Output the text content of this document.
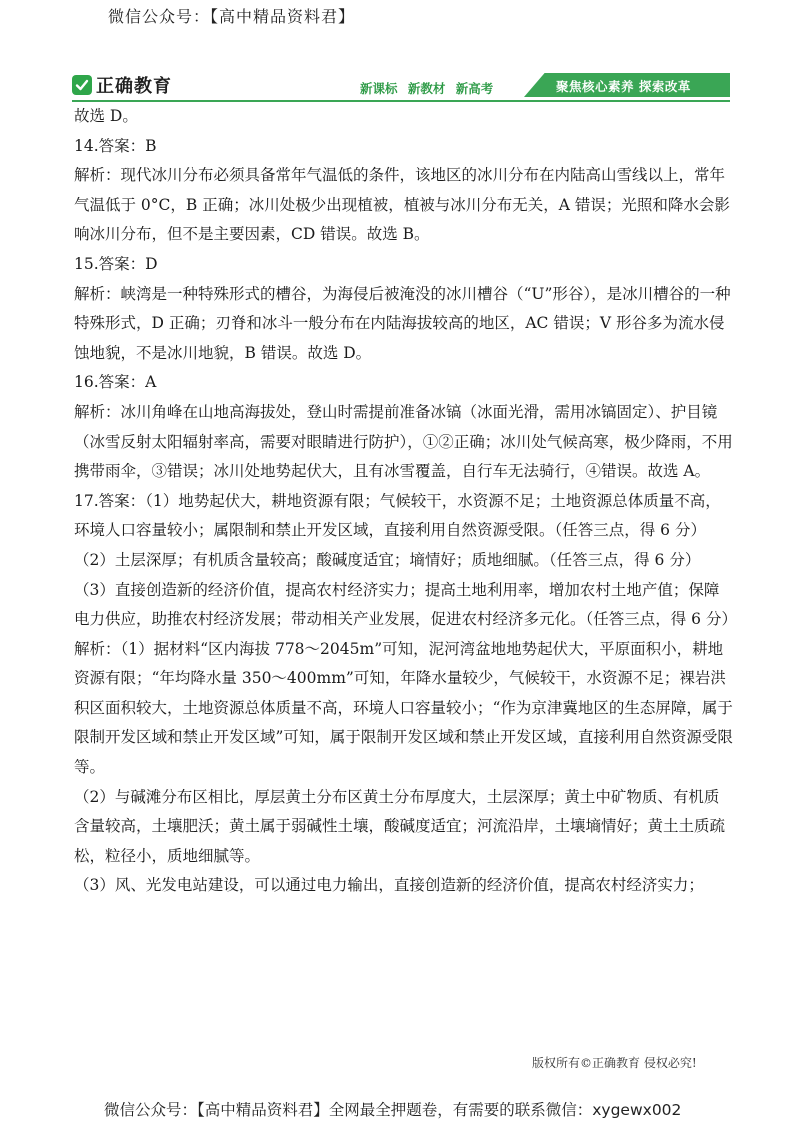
微信公众号：【高中精品资料君】
正确教育	新课标 新教材 新高考	聚焦核心素养 探索改革

故选 D。

14.答案：B

解析：现代冰川分布必须具备常年气温低的条件，该地区的冰川分布在内陆高山雪线以上，常年气温低于 0°C，B 正确；冰川处极少出现植被，植被与冰川分布无关，A 错误；光照和降水会影响冰川分布，但不是主要因素，CD 错误。故选 B。

15.答案：D

解析：峡湾是一种特殊形式的槽谷，为海侵后被淹没的冰川槽谷（“U”形谷），是冰川槽谷的一种特殊形式，D 正确；刃脊和冰斗一般分布在内陆海拔较高的地区，AC 错误；V 形谷多为流水侵蚀地貌，不是冰川地貌，B 错误。故选 D。

16.答案：A

解析：冰川角峰在山地高海拔处，登山时需提前准备冰镐（冰面光滑，需用冰镐固定）、护目镜（冰雪反射太阳辐射率高，需要对眼睛进行防护），①②正确；冰川处气候高寒，极少降雨，不用携带雨伞，③错误；冰川处地势起伏大，且有冰雪覆盖，自行车无法骑行，④错误。故选 A。

17.答案：（1）地势起伏大，耕地资源有限；气候较干，水资源不足；土地资源总体质量不高，环境人口容量较小；属限制和禁止开发区域，直接利用自然资源受限。（任答三点，得 6 分）

（2）土层深厚；有机质含量较高；酸碱度适宜；墒情好；质地细腻。（任答三点，得 6 分）

（3）直接创造新的经济价值，提高农村经济实力；提高土地利用率，增加农村土地产值；保障电力供应，助推农村经济发展；带动相关产业发展，促进农村经济多元化。（任答三点，得 6 分）

解析：（1）据材料“区内海拔 778～2045m”可知，泥河湾盆地地势起伏大，平原面积小，耕地资源有限；“年均降水量 350～400mm”可知，年降水量较少，气候较干，水资源不足；裸岩洪积区面积较大，土地资源总体质量不高，环境人口容量较小；“作为京津冀地区的生态屏障，属于限制开发区域和禁止开发区域”可知，属于限制开发区域和禁止开发区域，直接利用自然资源受限等。

（2）与碱滩分布区相比，厚层黄土分布区黄土分布厚度大，土层深厚；黄土中矿物质、有机质含量较高，土壤肥沃；黄土属于弱碱性土壤，酸碱度适宜；河流沿岸，土壤墒情好；黄土土质疏松，粒径小，质地细腻等。

（3）风、光发电站建设，可以通过电力输出，直接创造新的经济价值，提高农村经济实力；

版权所有©正确教育 侵权必究!
微信公众号：【高中精品资料君】全网最全押题卷，有需要的联系微信：xygewx002
